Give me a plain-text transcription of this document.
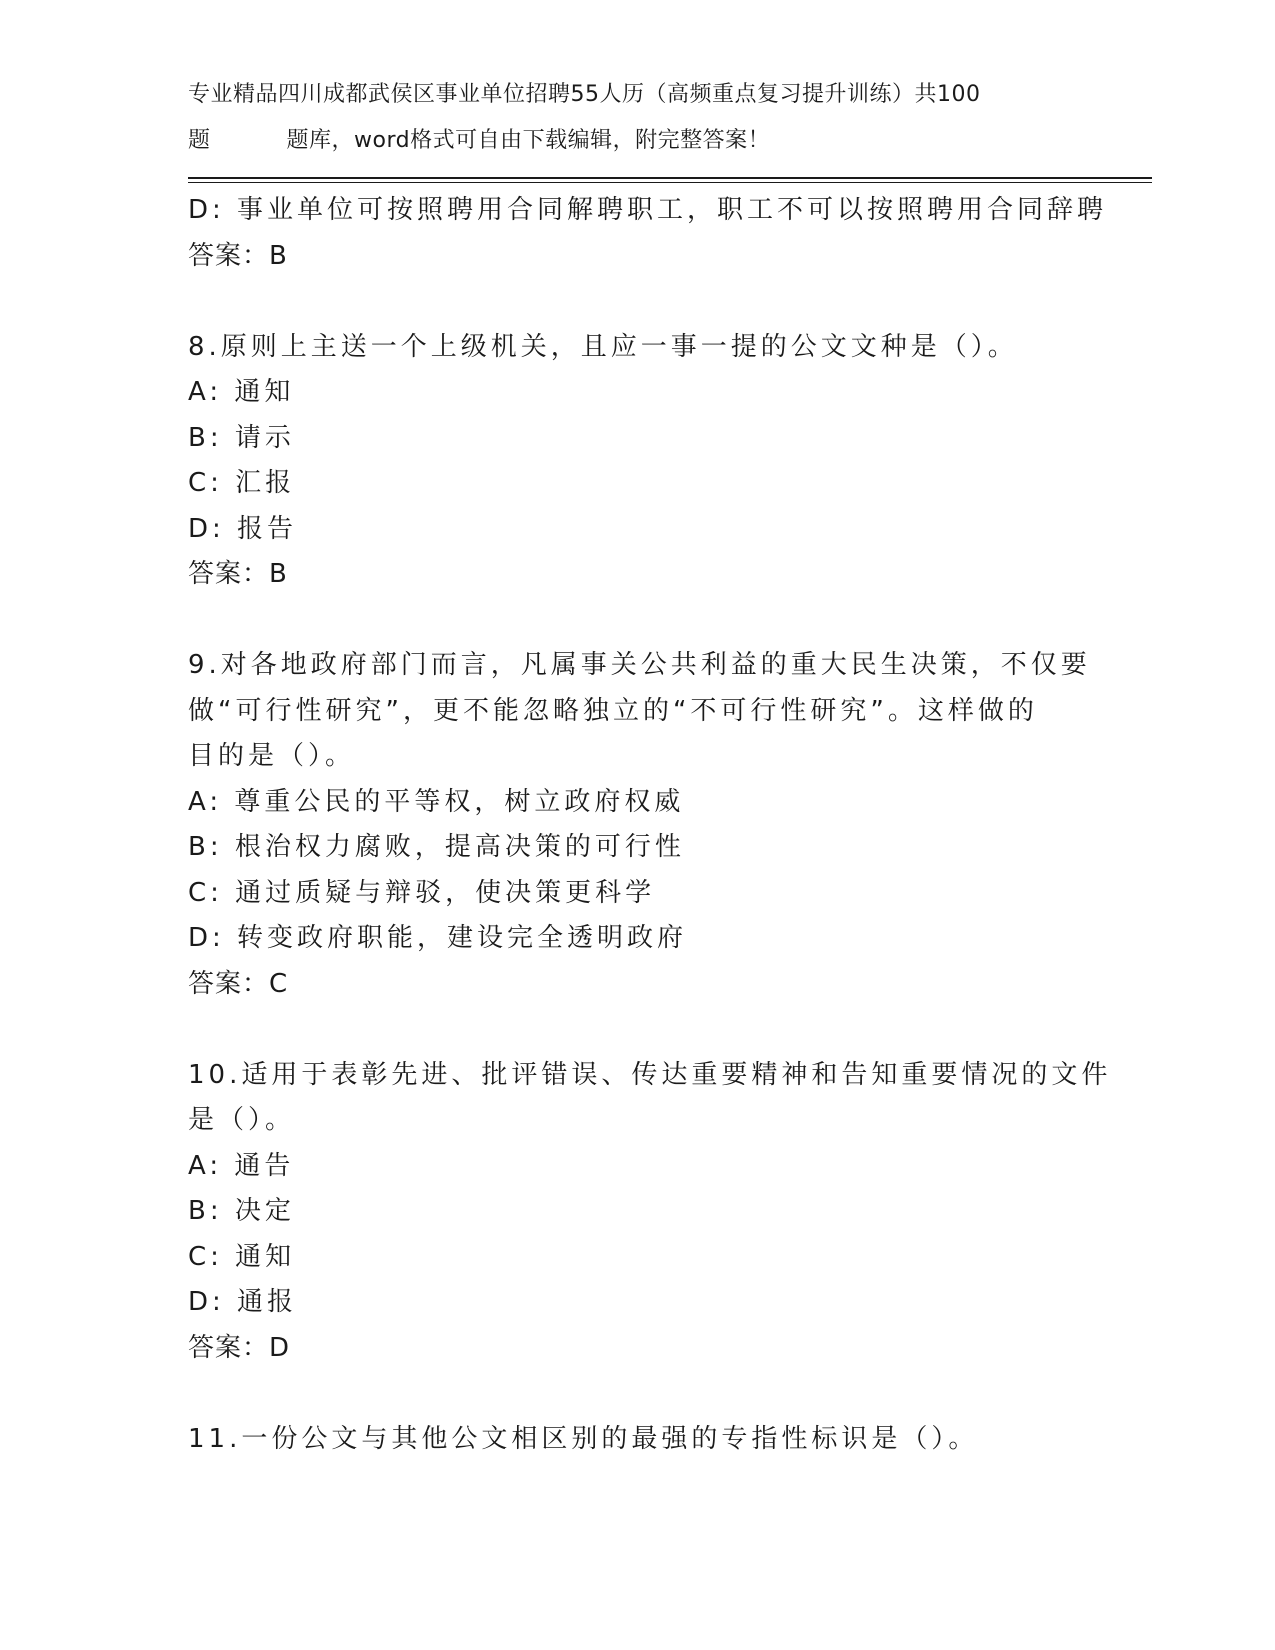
专业精品四川成都武侯区事业单位招聘55人历（高频重点复习提升训练）共100
题	题库，word格式可自由下载编辑，附完整答案！
D: 事业单位可按照聘用合同解聘职工，职工不可以按照聘用合同辞聘
答案：B
8.原则上主送一个上级机关，且应一事一提的公文文种是（）。
A: 通知
B: 请示
C: 汇报
D: 报告
答案：B
9.对各地政府部门而言，凡属事关公共利益的重大民生决策，不仅要
做“可行性研究”，更不能忽略独立的“不可行性研究”。这样做的
目的是（）。
A: 尊重公民的平等权，树立政府权威
B: 根治权力腐败，提高决策的可行性
C: 通过质疑与辩驳，使决策更科学
D: 转变政府职能，建设完全透明政府
答案：C
10.适用于表彰先进、批评错误、传达重要精神和告知重要情况的文件
是（）。
A: 通告
B: 决定
C: 通知
D: 通报
答案：D
11.一份公文与其他公文相区别的最强的专指性标识是（）。
